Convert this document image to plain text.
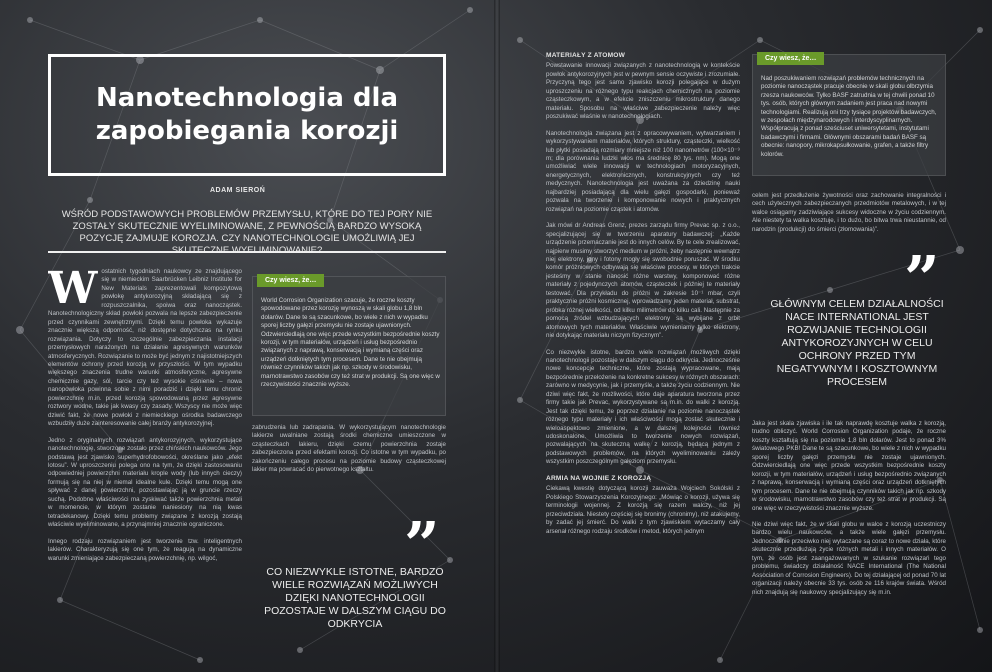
Nanotechnologia dla zapobiegania korozji
ADAM SIEROŃ
WŚRÓD PODSTAWOWYCH PROBLEMÓW PRZEMYSŁU, KTÓRE DO TEJ PORY NIE ZOSTAŁY SKUTECZNIE WYELIMINOWANE, Z PEWNOŚCIĄ BARDZO WYSOKĄ POZYCJĘ ZAJMUJE KOROZJA. CZY NANOTECHNOLOGIE UMOŻLIWIĄ JEJ
W ostatnich tygodniach naukowcy ze znajdującego się w niemieckim Saarbrücken Leibniz Institute for New Materials zaprezentowali kompozytową powłokę antykorozyjną składającą się z rozpuszczalnika, spoiwa oraz nanocząstek. Nanotechnologiczny skład powłoki pozwala na lepsze zabezpieczenie przed czynnikami zewnętrznymi. Dzięki temu powłoka wykazuje znacznie większą odporność, niż dostępne dotychczas na rynku rozwiązania. Dotyczy to szczególnie zabezpieczania instalacji przemysłowych narażonych na działanie agresywnych warunków atmosferycznych. Rozwiązanie to może być jednym z najistotniejszych elementów ochrony przed korozją w przyszłości. W tym wypadku większego znaczenia trudne warunki atmosferyczne, agresywne chemicznie gazy, sól, tarcie czy też wysokie ciśnienie – nowa nanopowłoka powinna sobie z nimi poradzić i dzięki temu chronić powierzchnię m.in. przed korozją spowodowaną przez agresywne roztwory wodne, takie jak kwasy czy zasady. Wszyscy nie może więc dziwić fakt, że nowe powłoki z niemieckiego ośrodka badawczego wzbudziły duże zainteresowanie całej branży antykorozyjnej.

Jedno z oryginalnych rozwiązań antykorozyjnych, wykorzystujące nanotechnologię, stworzone zostało przez chińskich naukowców. Jego podstawą jest zjawisko superhydrofobowości, określane jako „efekt lotosu”. W uproszczeniu polega ono na tym, że dzięki zastosowaniu odpowiedniej powierzchni materiału krople wody (lub innych cieczy) formują się na niej w niemal idealne kule. Dzięki temu mogą one spływać z danej powierzchni, pozostawiając ją w gruncie rzeczy suchą. Podobne właściwości ma zyskiwać także powierzchnia metali w momencie, w którym zostanie naniesiony na nią kwas tetradekanowy. Dzięki temu problemy związane z korozją zostają właściwie wyeliminowane, a przynajmniej znacznie ograniczone.

Innego rodzaju rozwiązaniem jest tworzenie tzw. inteligentnych lakierów. Charakteryzują się one tym, że reagują na dynamiczne warunki zmieniające zabezpieczaną powierzchnię, np. wilgoć,

Czy wiesz, że…
World Corrosion Organization szacuje, że roczne koszty spowodowane przez korozję wynoszą w skali globu 1,8 bln dolarów. Dane te są szacunkowe, bo wiele z nich w wypadku sporej liczby gałęzi przemysłu nie zostaje ujawnionych. Odzwierciedlają one więc przede wszystkim bezpośrednie koszty korozji, w tym materiałów, urządzeń i usług bezpośrednio związanych z naprawą, konserwacją i wymianą części oraz urządzeń dotkniętych tym procesem. Dane te nie obejmują również czynników takich jak np. szkody w środowisku, marnotrawstwo zasobów czy też strat w produkcji. Są one więc w rzeczywistości znacznie wyższe.

zabrudzenia lub zadrapania. W wykorzystującym nanotechnologie lakierze uwalniane zostają środki chemiczne umieszczone w cząsteczkach lakieru, dzięki czemu powierzchnia zostaje zabezpieczona przed efektami korozji. Co istotne w tym wypadku, po zakończeniu całego procesu na poziomie budowy cząsteczkowej lakier ma powracać do pierwotnego kształtu.

”
CO NIEZWYKLE ISTOTNE, BARDZO WIELE ROZWIĄZAŃ MOŻLIWYCH DZIĘKI NANOTECHNOLOGII POZOSTAJE W DALSZYM CIĄGU DO ODKRYCIA
MATERIAŁY Z ATOMÓW

Powstawanie innowacji związanych z nanotechnologią w kontekście powłok antykorozyjnych jest w pewnym sensie oczywiste i zrozumiałe. Przyczyną tego jest samo zjawisko korozji polegające w dużym uproszczeniu na różnego typu reakcjach chemicznych na poziomie cząsteczkowym, a w efekcie zniszczeniu mikrostruktury danego materiału. Sposobu na właściwe zabezpieczenie należy więc poszukiwać właśnie w nanotechnologiach.

Nanotechnologia związana jest z opracowywaniem, wytwarzaniem i wykorzystywaniem materiałów, których struktury, cząsteczki, wielkość lub płytki posiadają rozmiary mniejsze niż 100 nanometrów (100×10⁻⁹ m; dla porównania ludzki włos ma średnicę 80 tys. nm). Mogą one umożliwiać wiele innowacji w technologiach motoryzacyjnych, energetycznych, elektronicznych, konstrukcyjnych czy też medycznych. Nanotechnologia jest uważana za dziedzinę nauki najbardziej posiadającą dla wielu gałęzi gospodarki, ponieważ pozwala na tworzenie i komponowanie nowych i praktycznych rozwiązań na poziomie cząstek i atomów.

Jak mówi dr Andreas Grenz, prezes zarządu firmy Prevac sp. z o.o., specjalizującej się w tworzeniu aparatury badawczej: „Każde urządzenie przemaczanie jest do innych celów. By te cele zrealizować, najpierw musimy stworzyć medium w próżni, żeby następnie wewnątrz niej elektrony, jony i fotony mogły się swobodnie poruszać. W środku komór próżniowych odbywają się właściwe procesy, w których trakcie jesteśmy w stanie nanosić różne warstwy, komponować różne materiały z pojedynczych atomów, cząsteczek i później te materiały testować. Dla przykładu do próżni w zakresie 10⁻¹ mbar, czyli praktycznie próżni kosmicznej, wprowadzamy jeden materiał, substrat, próbka różnej wielkości, od kilku milimetrów do kilku cali. Następnie za pomocą źródeł wzbudzających elektrony są wybijane z orbit atomowych tych materiałów. Właściwie wymieniamy tylko elektrony, nie dotykając materiału niczym fizycznym”.

Co niezwykle istotne, bardzo wiele rozwiązań możliwych dzięki nanotechnologii pozostaje w dalszym ciągu do odkrycia. Jednocześnie nowe koncepcje techniczne, które zostają wypracowane, mają bezpośrednie przełożenie na konkretne sukcesy w różnych obszarach: zarówno w medycynie, jak i przemyśle, a także życiu codziennym. Nie dziwi więc fakt, że możliwości, które daje aparatura tworzona przez firmy takie jak Prevac, wykorzystywane są m.in. do walki z korozją. Jest tak dzięki temu, że poprzez działanie na poziomie nanocząstek różnego typu materiały i ich właściwości mogą zostać skutecznie i wieloaspektowo zmienione, a w dalszej kolejności również udoskonalone. Umożliwia to tworzenie nowych rozwiązań, pozwalających na skuteczną walkę z korozją, będącą jednym z podstawowych problemów, na których wyeliminowaniu zależy wszystkim poszczególnym gałęziom przemysłu.

ARMIA NA WOJNIE Z KOROZJĄ

Ciekawą kwestię dotyczącą korozji zauważa Wojciech Sokólski z Polskiego Stowarzyszenia Korozyjnego: „Mówiąc o korozji, używa się terminologii wojennej. Z korozją się razem walczy, niż jej przeciwdziała. Niestety częściej się bronimy (chronimy), niż atakujemy, by zadać jej śmierć. Do walki z tym zjawiskiem wytaczamy cały arsenał różnego rodzaju środków i metod, których jednym

Czy wiesz, że…
Nad poszukiwaniem rozwiązań problemów technicznych na poziomie nanocząstek pracuje obecnie w skali globu olbrzymia rzesza naukowców. Tylko BASF zatrudnia w tej chwili ponad 10 tys. osób, których głównym zadaniem jest praca nad nowymi technologiami. Realizują oni trzy tysiące projektów badawczych, w zespołach międzynarodowych i interdyscyplinarnych. Współpracują z ponad sześciuset uniwersytetami, instytutami badawczymi i firmami. Głównymi obszarami badań BASF są obecnie: nanopory, mikrokapsułkowanie, grafen, a także filtry kolorów.

celem jest przedłużenie żywotności oraz zachowanie integralności i cech użytecznych zabezpieczanych przedmiotów metalowych, i w tej walce osiągamy zadziwiające sukcesy widoczne w życiu codziennym. Ale niestety ta walka kosztuje, i to dużo, bo bitwa trwa nieustannie, od narodzin (produkcji) do śmierci (złomowania)”.

”
GŁÓWNYM CELEM DZIAŁALNOŚCI NACE INTERNATIONAL JEST ROZWIJANIE TECHNOLOGII ANTYKOROZYJNYCH W CELU OCHRONY PRZED TYM NEGATYWNYM I KOSZTOWNYM PROCESEM

Jaka jest skala zjawiska i ile tak naprawdę kosztuje walka z korozją, trudno obliczyć. World Corrosion Organization podaje, że roczne koszty kształtują się na poziomie 1,8 bln dolarów. Jest to ponad 3% światowego PKB! Dane te są szacunkowe, bo wiele z nich w wypadku sporej liczby gałęzi przemysłu nie zostaje ujawnionych. Odzwierciedlają one więc przede wszystkim bezpośrednie koszty korozji, w tym materiałów, urządzeń i usług bezpośrednio związanych z naprawą, konserwacją i wymianą części oraz urządzeń dotkniętych tym procesem. Dane te nie obejmują czynników takich jak np. szkody w środowisku, marnotrawstwo zasobów czy też strat w produkcji. Są one więc w rzeczywistości znacznie wyższe.

Nie dziwi więc fakt, że w skali globu w walce z korozją uczestniczy bardzo wielu naukowców, a także wiele gałęzi przemysłu. Jednocześnie przeciwko niej wytaczane są coraz to nowe działa, które skutecznie przedłużają życie różnych metali i innych materiałów. O tym, że osób jest zaangażowanych w szukanie rozwiązań tego problemu, świadczy działalność NACE International (The National Association of Corrosion Engineers). Do tej działającej od ponad 70 lat organizacji należy obecnie 33 tys. osób ze 116 krajów świata. Wśród nich znajdują się naukowcy specjalizujący się m.in.
